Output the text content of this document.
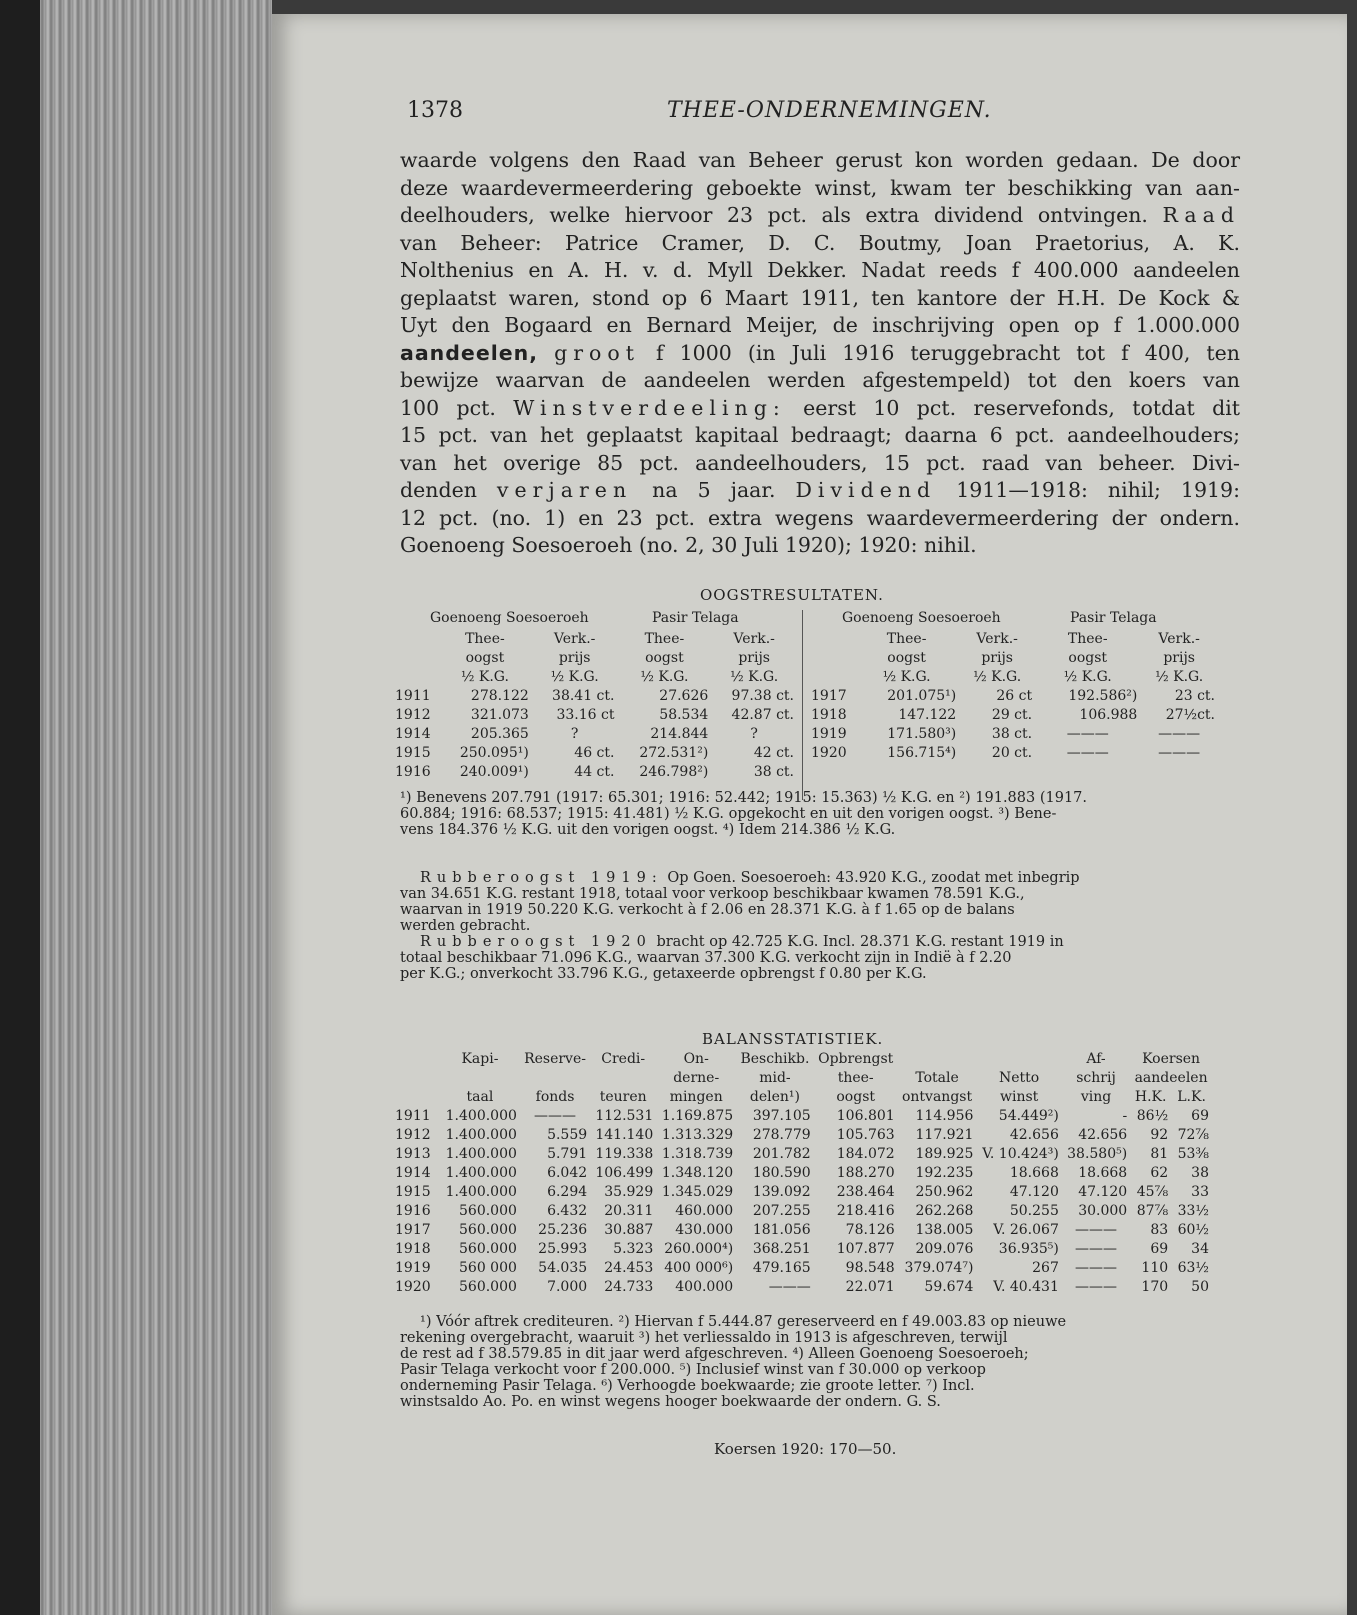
1378	THEE-ONDERNEMINGEN.
waarde volgens den Raad van Beheer gerust kon worden gedaan. De door
deze waardevermeerdering geboekte winst, kwam ter beschikking van aan-
deelhouders, welke hiervoor 23 pct. als extra dividend ontvingen. Raad
van Beheer: Patrice Cramer, D. C. Boutmy, Joan Praetorius, A. K.
Nolthenius en A. H. v. d. Myll Dekker. Nadat reeds f 400.000 aandeelen
geplaatst waren, stond op 6 Maart 1911, ten kantore der H.H. De Kock &
Uyt den Bogaard en Bernard Meijer, de inschrijving open op f 1.000.000
aandeelen, groot f 1000 (in Juli 1916 teruggebracht tot f 400, ten
bewijze waarvan de aandeelen werden afgestempeld) tot den koers van
100 pct. Winstverdeeling: eerst 10 pct. reservefonds, totdat dit
15 pct. van het geplaatst kapitaal bedraagt; daarna 6 pct. aandeelhouders;
van het overige 85 pct. aandeelhouders, 15 pct. raad van beheer. Divi-
denden verjaren na 5 jaar. Dividend 1911—1918: nihil; 1919:
12 pct. (no. 1) en 23 pct. extra wegens waardevermeerdering der ondern.
Goenoeng Soesoeroeh (no. 2, 30 Juli 1920); 1920: nihil.
OOGSTRESULTATEN.
Goenoeng Soesoeroeh	Pasir Telaga	Goenoeng Soesoeroeh	Pasir Telaga
	Thee-	Verk.-	Thee-	Verk.-
	oogst	prijs	oogst	prijs
	½ K.G.	½ K.G.	½ K.G.	½ K.G.
1911	278.122	38.41 ct.	27.626	97.38 ct.
1912	321.073	33.16 ct	58.534	42.87 ct.
1914	205.365	?	214.844	?
1915	250.095¹)	46 ct.	272.531²)	42 ct.
1916	240.009¹)	44 ct.	246.798²)	38 ct.
	Thee-	Verk.-	Thee-	Verk.-
	oogst	prijs	oogst	prijs
	½ K.G.	½ K.G.	½ K.G.	½ K.G.
1917	201.075¹)	26 ct	192.586²)	23 ct.
1918	147.122	29 ct.	106.988	27½ct.
1919	171.580³)	38 ct.	———	———
1920	156.715⁴)	20 ct.	———	———
¹) Benevens 207.791 (1917: 65.301; 1916: 52.442; 1915: 15.363) ½ K.G. en ²) 191.883 (1917.
60.884; 1916: 68.537; 1915: 41.481) ½ K.G. opgekocht en uit den vorigen oogst. ³) Bene-
vens 184.376 ½ K.G. uit den vorigen oogst. ⁴) Idem 214.386 ½ K.G.
Rubberoogst 1919: Op Goen. Soesoeroeh: 43.920 K.G., zoodat met inbegrip
van 34.651 K.G. restant 1918, totaal voor verkoop beschikbaar kwamen 78.591 K.G.,
waarvan in 1919 50.220 K.G. verkocht à f 2.06 en 28.371 K.G. à f 1.65 op de balans
werden gebracht.
Rubberoogst 1920 bracht op 42.725 K.G. Incl. 28.371 K.G. restant 1919 in
totaal beschikbaar 71.096 K.G., waarvan 37.300 K.G. verkocht zijn in Indië à f 2.20
per K.G.; onverkocht 33.796 K.G., getaxeerde opbrengst f 0.80 per K.G.
BALANSSTATISTIEK.
	Kapi-	Reserve-	Credi-	On-	Beschikb.	Opbrengst			Af-	Koersen	
				derne-	mid-	thee-	Totale	Netto	schrij	aandeelen	
	taal	fonds	teuren	mingen	delen¹)	oogst	ontvangst	winst	ving	H.K.	L.K.
1911	1.400.000	———	112.531	1.169.875	397.105	106.801	114.956	54.449²)	-	86½	69
1912	1.400.000	5.559	141.140	1.313.329	278.779	105.763	117.921	42.656	42.656	92	72⅞
1913	1.400.000	5.791	119.338	1.318.739	201.782	184.072	189.925	V. 10.424³)	38.580⁵)	81	53⅜
1914	1.400.000	6.042	106.499	1.348.120	180.590	188.270	192.235	18.668	18.668	62	38
1915	1.400.000	6.294	35.929	1.345.029	139.092	238.464	250.962	47.120	47.120	45⅞	33
1916	560.000	6.432	20.311	460.000	207.255	218.416	262.268	50.255	30.000	87⅞	33½
1917	560.000	25.236	30.887	430.000	181.056	78.126	138.005	V. 26.067	———	83	60½
1918	560.000	25.993	5.323	260.000⁴)	368.251	107.877	209.076	36.935⁵)	———	69	34
1919	560 000	54.035	24.453	400 000⁶)	479.165	98.548	379.074⁷)	267	———	110	63½
1920	560.000	7.000	24.733	400.000	———	22.071	59.674	V. 40.431	———	170	50
¹) Vóór aftrek crediteuren. ²) Hiervan f 5.444.87 gereserveerd en f 49.003.83 op nieuwe
rekening overgebracht, waaruit ³) het verliessaldo in 1913 is afgeschreven, terwijl
de rest ad f 38.579.85 in dit jaar werd afgeschreven. ⁴) Alleen Goenoeng Soesoeroeh;
Pasir Telaga verkocht voor f 200.000. ⁵) Inclusief winst van f 30.000 op verkoop
onderneming Pasir Telaga. ⁶) Verhoogde boekwaarde; zie groote letter. ⁷) Incl.
winstsaldo Ao. Po. en winst wegens hooger boekwaarde der ondern. G. S.
Koersen 1920: 170—50.
